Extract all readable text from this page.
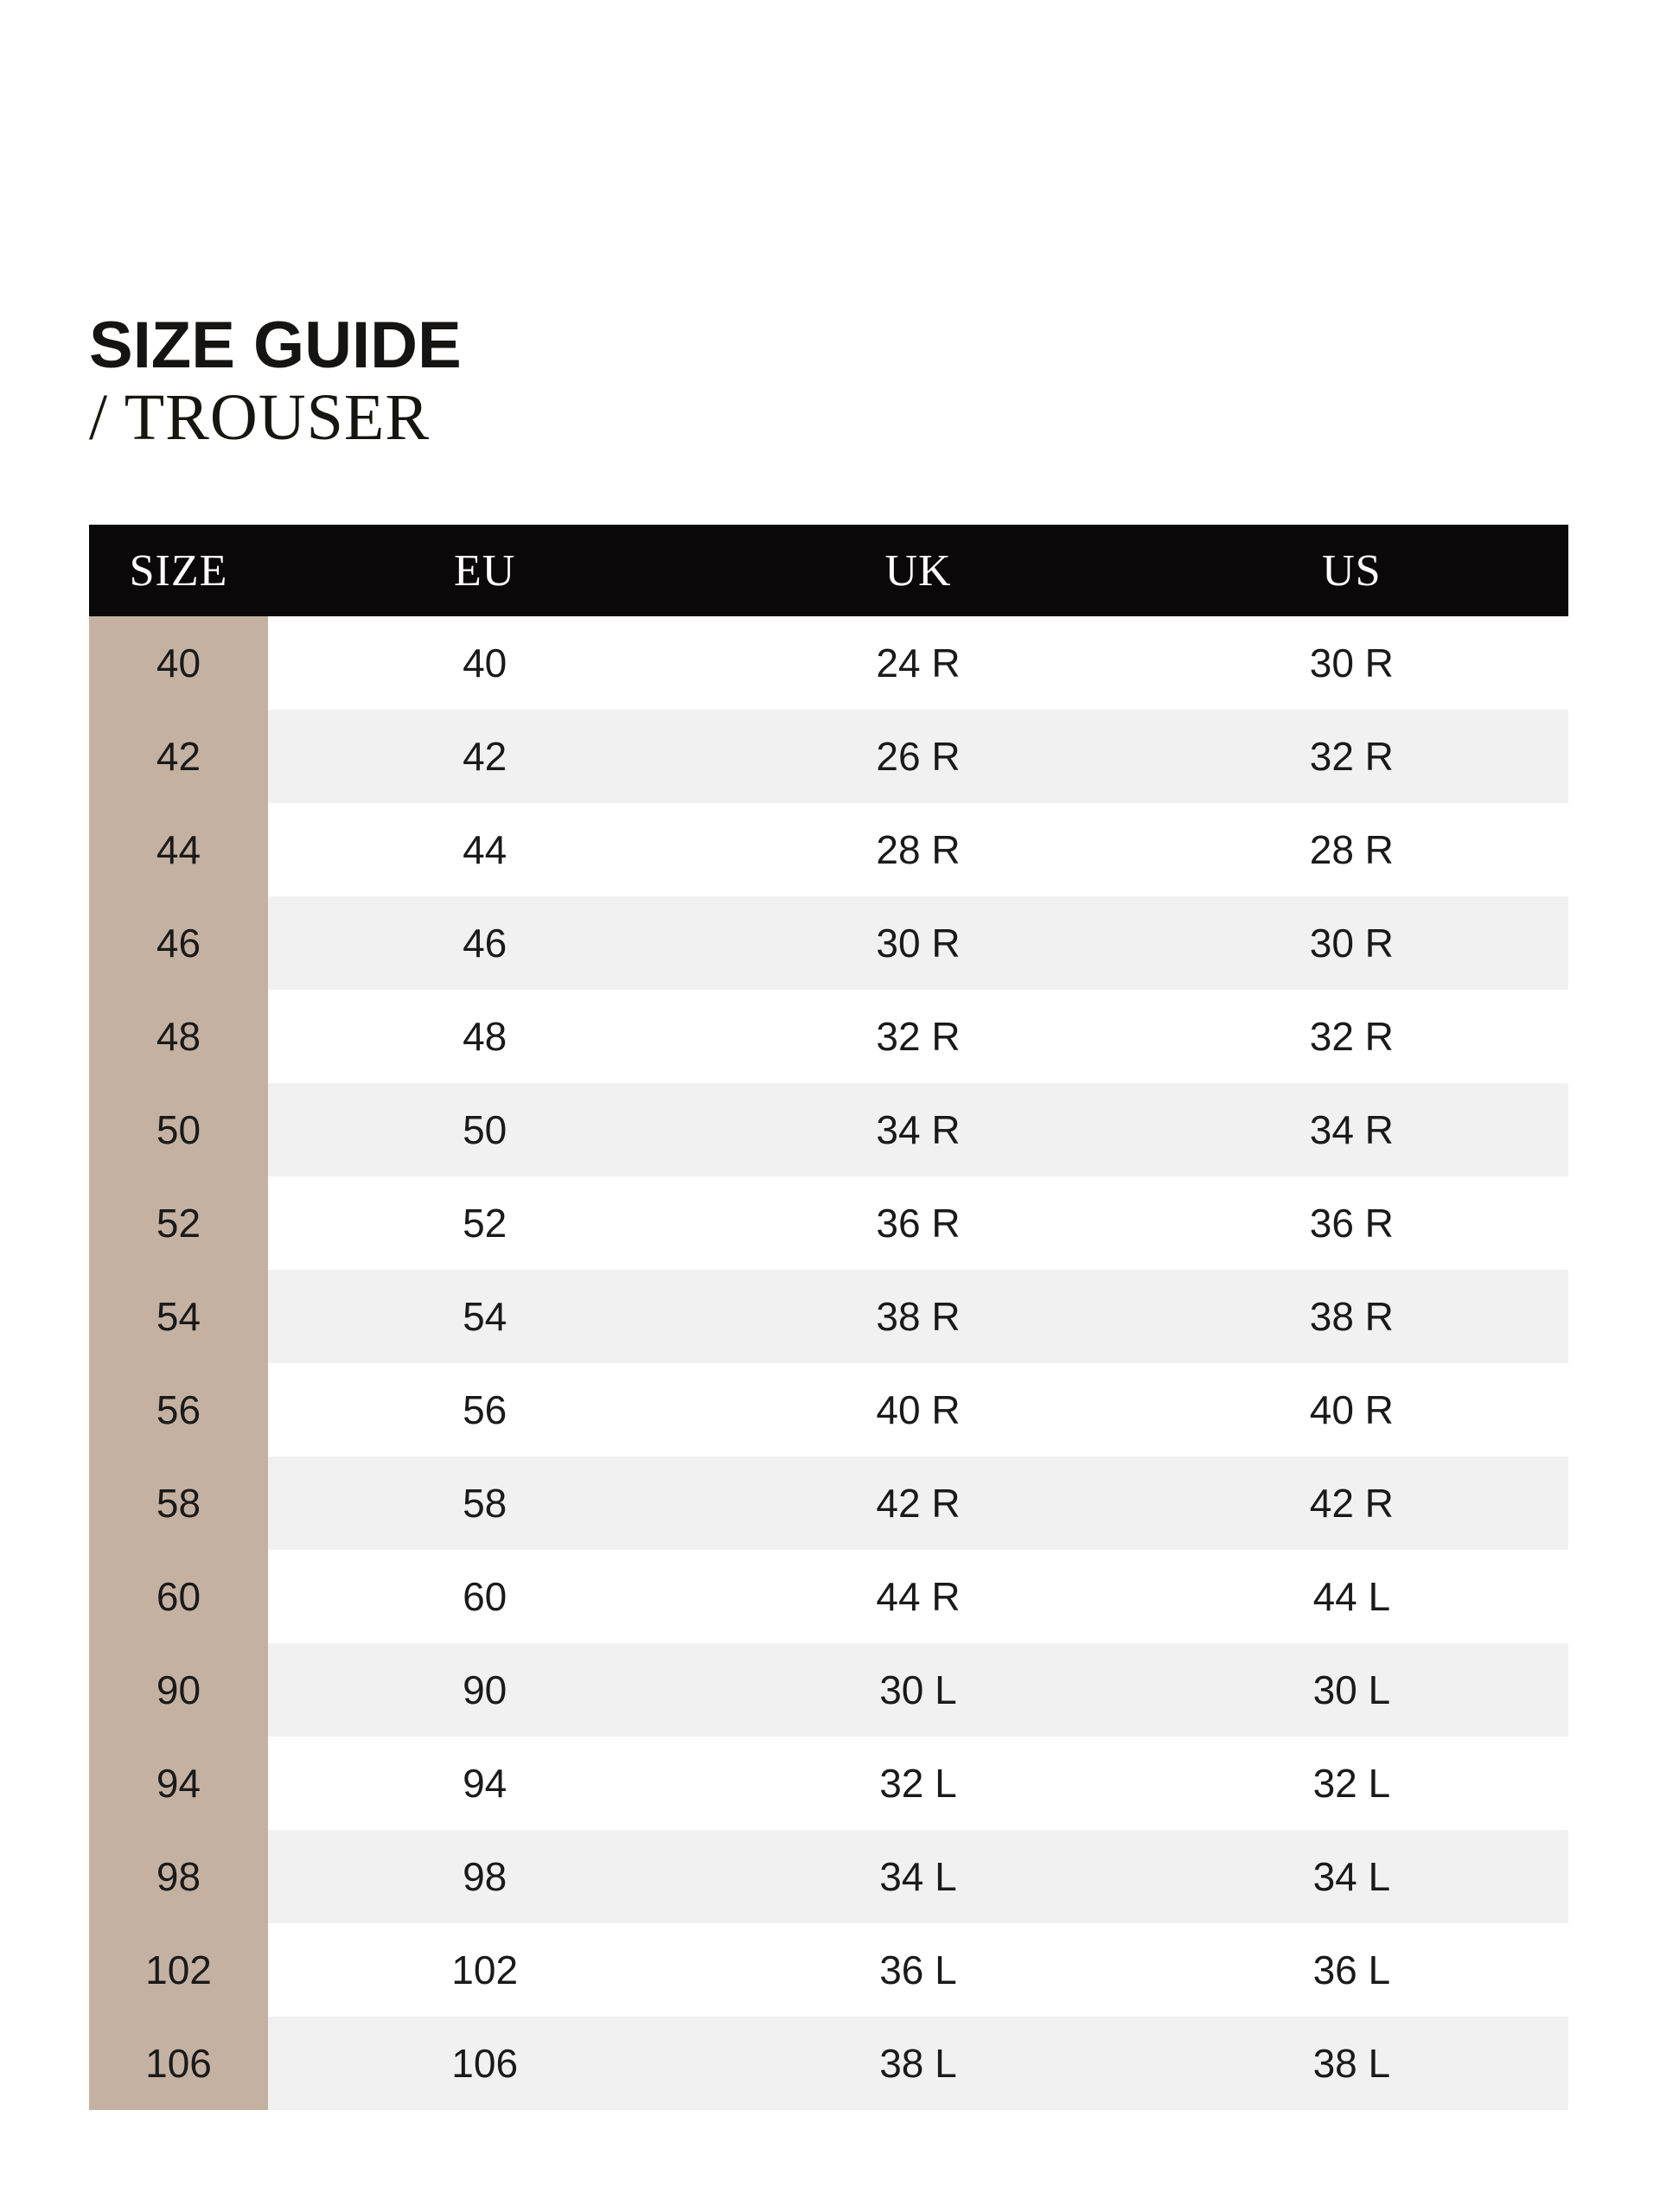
SIZE GUIDE
/ TROUSER
SIZE	EU	UK	US
40	40	24 R	30 R
42	42	26 R	32 R
44	44	28 R	28 R
46	46	30 R	30 R
48	48	32 R	32 R
50	50	34 R	34 R
52	52	36 R	36 R
54	54	38 R	38 R
56	56	40 R	40 R
58	58	42 R	42 R
60	60	44 R	44 L
90	90	30 L	30 L
94	94	32 L	32 L
98	98	34 L	34 L
102	102	36 L	36 L
106	106	38 L	38 L
